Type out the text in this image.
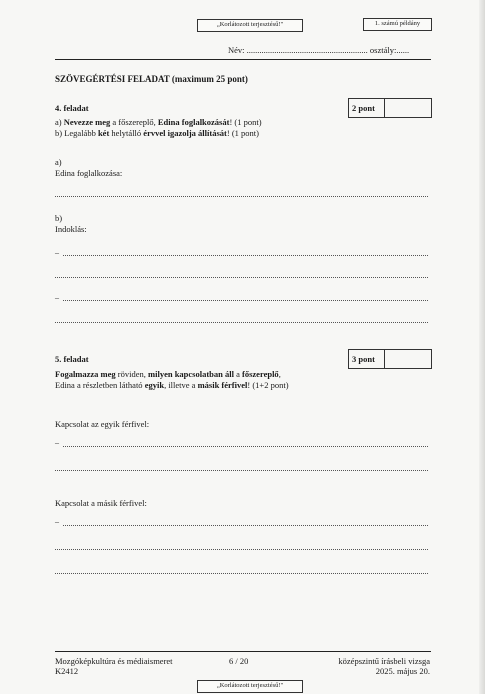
„Korlátozott terjesztésű!"	1. számú példány
Név: ......................................................... osztály:......
SZÖVEGÉRTÉSI FELADAT (maximum 25 pont)
4. feladat	2 pont
a) Nevezze meg a főszereplő, Edina foglalkozását! (1 pont)
b) Legalább két helytálló érvvel igazolja állítását! (1 pont)
a)
Edina foglalkozása:
b)
Indoklás:
–
–
5. feladat	3 pont
Fogalmazza meg röviden, milyen kapcsolatban áll a főszereplő,
Edina a részletben látható egyik, illetve a másik férfivel! (1+2 pont)
Kapcsolat az egyik férfivel:
–
Kapcsolat a másik férfivel:
–
Mozgóképkultúra és médiaismeret
K2412
6 / 20	középszintű írásbeli vizsga
2025. május 20.
„Korlátozott terjesztésű!"
